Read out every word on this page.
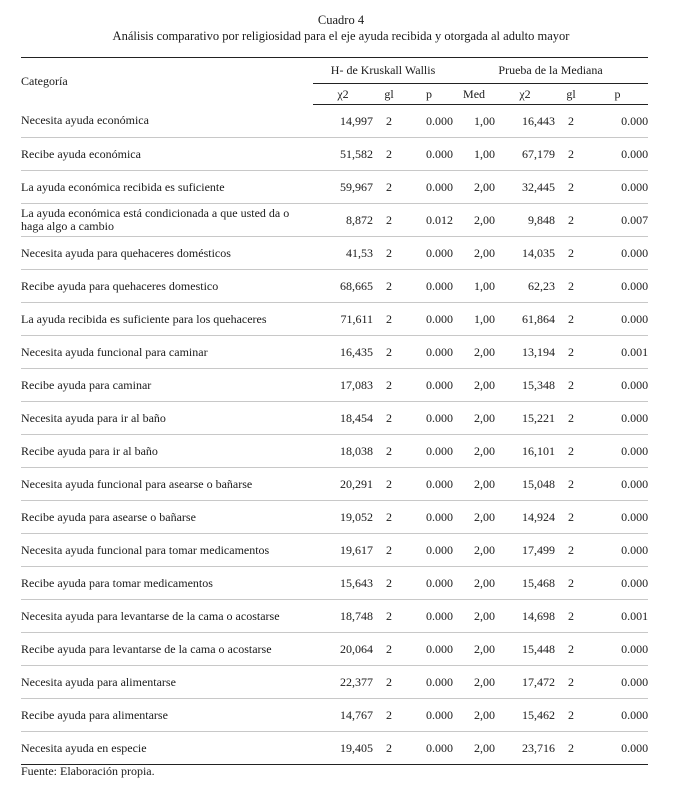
Cuadro 4
Análisis comparativo por religiosidad para el eje ayuda recibida y otorgada al adulto mayor
Categoría	H- de Kruskall Wallis			Prueba de la Mediana			
	χ2	gl	p	Med	χ2	gl	p
Necesita ayuda económica	14,997	2	0.000	1,00	16,443	2	0.000
Recibe ayuda económica	51,582	2	0.000	1,00	67,179	2	0.000
La ayuda económica recibida es suficiente	59,967	2	0.000	2,00	32,445	2	0.000
La ayuda económica está condicionada a que usted da o haga algo a cambio	8,872	2	0.012	2,00	9,848	2	0.007
Necesita ayuda para quehaceres domésticos	41,53	2	0.000	2,00	14,035	2	0.000
Recibe ayuda para quehaceres domestico	68,665	2	0.000	1,00	62,23	2	0.000
La ayuda recibida es suficiente para los quehaceres	71,611	2	0.000	1,00	61,864	2	0.000
Necesita ayuda funcional para caminar	16,435	2	0.000	2,00	13,194	2	0.001
Recibe ayuda para caminar	17,083	2	0.000	2,00	15,348	2	0.000
Necesita ayuda para ir al baño	18,454	2	0.000	2,00	15,221	2	0.000
Recibe ayuda para ir al baño	18,038	2	0.000	2,00	16,101	2	0.000
Necesita ayuda funcional para asearse o bañarse	20,291	2	0.000	2,00	15,048	2	0.000
Recibe ayuda para asearse o bañarse	19,052	2	0.000	2,00	14,924	2	0.000
Necesita ayuda funcional para tomar medicamentos	19,617	2	0.000	2,00	17,499	2	0.000
Recibe ayuda para tomar medicamentos	15,643	2	0.000	2,00	15,468	2	0.000
Necesita ayuda para levantarse de la cama o acostarse	18,748	2	0.000	2,00	14,698	2	0.001
Recibe ayuda para levantarse de la cama o acostarse	20,064	2	0.000	2,00	15,448	2	0.000
Necesita ayuda para alimentarse	22,377	2	0.000	2,00	17,472	2	0.000
Recibe ayuda para alimentarse	14,767	2	0.000	2,00	15,462	2	0.000
Necesita ayuda en especie	19,405	2	0.000	2,00	23,716	2	0.000
Fuente: Elaboración propia.
